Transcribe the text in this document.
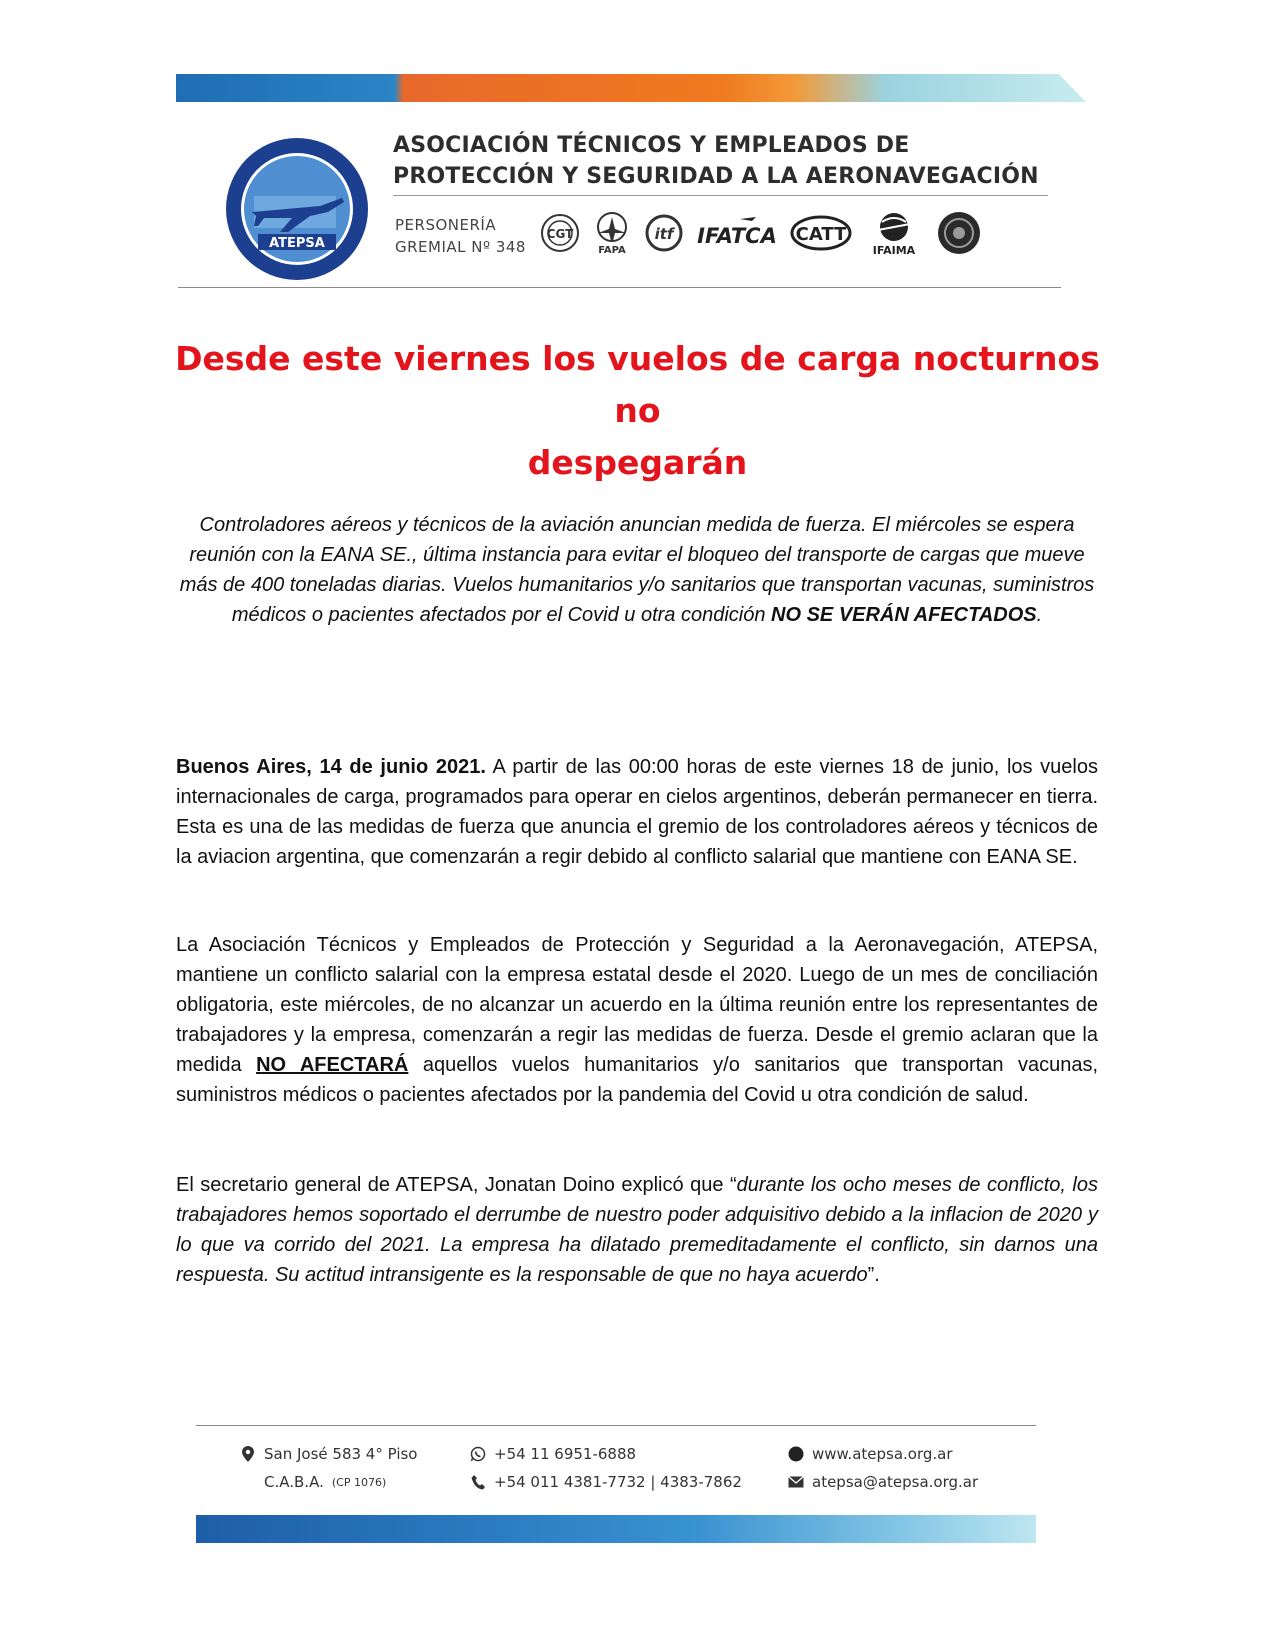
ATEPSA
ASOCIACIÓN TÉCNICOS Y EMPLEADOS DE
PROTECCIÓN Y SEGURIDAD A LA AERONAVEGACIÓN
PERSONERÍA
GREMIAL Nº 348
CGT
FAPA
itf IFATCA CATT
IFAIMA
Desde este viernes los vuelos de carga nocturnos no
despegarán

Controladores aéreos y técnicos de la aviación anuncian medida de fuerza. El miércoles se espera reunión con la EANA SE., última instancia para evitar el bloqueo del transporte de cargas que mueve más de 400 toneladas diarias. Vuelos humanitarios y/o sanitarios que transportan vacunas, suministros médicos o pacientes afectados por el Covid u otra condición NO SE VERÁN AFECTADOS.

Buenos Aires, 14 de junio 2021. A partir de las 00:00 horas de este viernes 18 de junio, los vuelos internacionales de carga, programados para operar en cielos argentinos, deberán permanecer en tierra. Esta es una de las medidas de fuerza que anuncia el gremio de los controladores aéreos y técnicos de la aviacion argentina, que comenzarán a regir debido al conflicto salarial que mantiene con EANA SE.

La Asociación Técnicos y Empleados de Protección y Seguridad a la Aeronavegación, ATEPSA, mantiene un conflicto salarial con la empresa estatal desde el 2020. Luego de un mes de conciliación obligatoria, este miércoles, de no alcanzar un acuerdo en la última reunión entre los representantes de trabajadores y la empresa, comenzarán a regir las medidas de fuerza. Desde el gremio aclaran que la medida NO AFECTARÁ aquellos vuelos humanitarios y/o sanitarios que transportan vacunas, suministros médicos o pacientes afectados por la pandemia del Covid u otra condición de salud.

El secretario general de ATEPSA, Jonatan Doino explicó que “durante los ocho meses de conflicto, los trabajadores hemos soportado el derrumbe de nuestro poder adquisitivo debido a la inflacion de 2020 y lo que va corrido del 2021. La empresa ha dilatado premeditadamente el conflicto, sin darnos una respuesta. Su actitud intransigente es la responsable de que no haya acuerdo”.

San José 583 4° Piso
C.A.B.A. (CP 1076)
+54 11 6951-6888
+54 011 4381-7732 | 4383-7862
www.atepsa.org.ar
atepsa@atepsa.org.ar
